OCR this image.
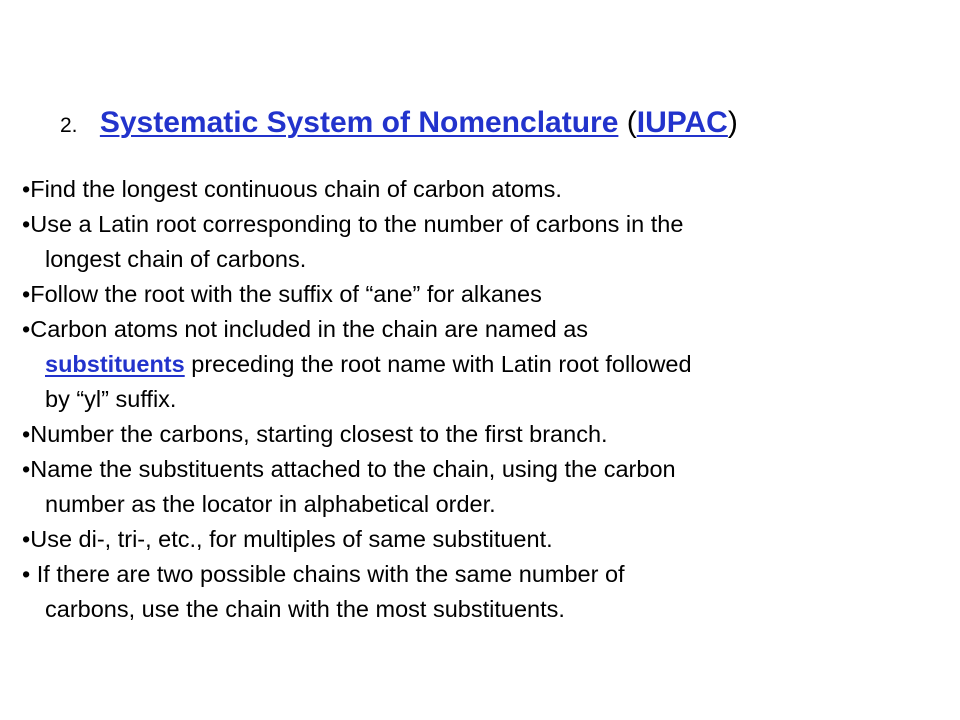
2. Systematic System of Nomenclature (IUPAC)

•Find the longest continuous chain of carbon atoms.

•Use a Latin root corresponding to the number of carbons in the

longest chain of carbons.

•Follow the root with the suffix of “ane” for alkanes

•Carbon atoms not included in the chain are named as

substituents preceding the root name with Latin root followed

by “yl” suffix.

•Number the carbons, starting closest to the first branch.

•Name the substituents attached to the chain, using the carbon

number as the locator in alphabetical order.

•Use di-, tri-, etc., for multiples of same substituent.

• If there are two possible chains with the same number of

carbons, use the chain with the most substituents.
